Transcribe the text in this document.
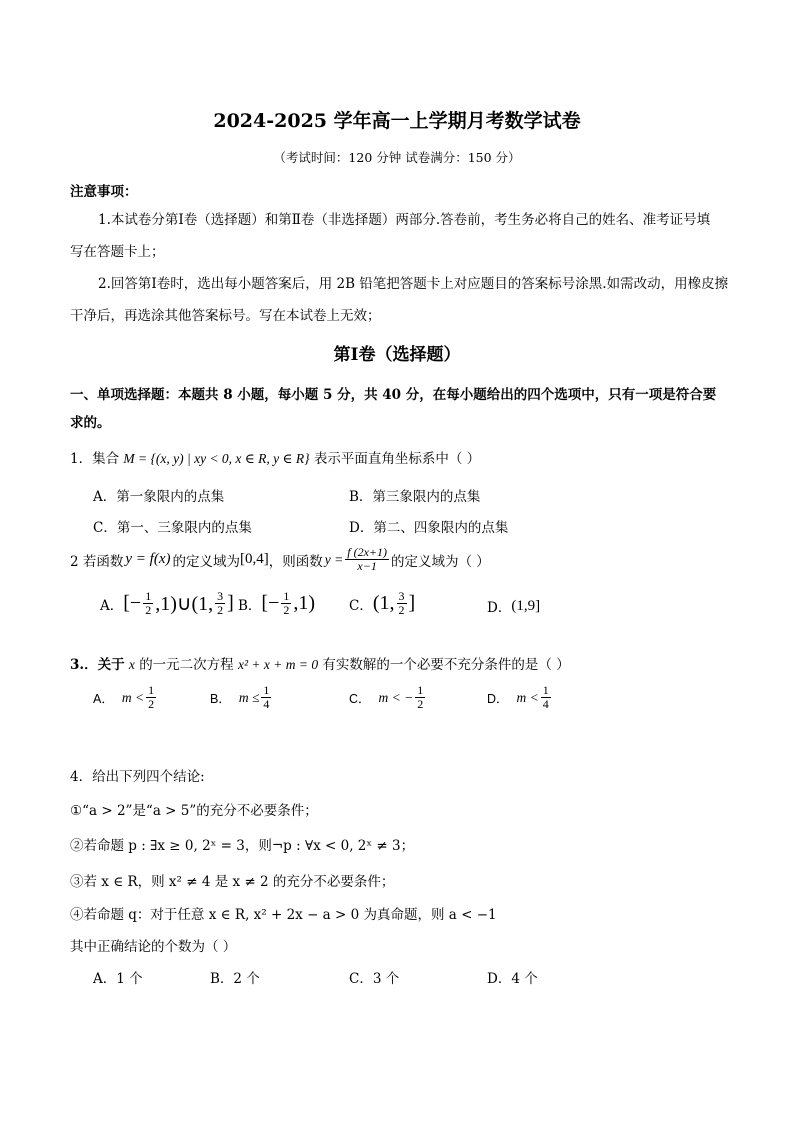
2024-2025 学年高一上学期月考数学试卷
（考试时间：120 分钟 试卷满分：150 分）
注意事项：
1.本试卷分第Ⅰ卷（选择题）和第Ⅱ卷（非选择题）两部分.答卷前，考生务必将自己的姓名、准考证号填
写在答题卡上；
2.回答第Ⅰ卷时，选出每小题答案后，用 2B 铅笔把答题卡上对应题目的答案标号涂黑.如需改动，用橡皮擦
干净后，再选涂其他答案标号。写在本试卷上无效；
第Ⅰ卷（选择题）
一、单项选择题：本题共 8 小题，每小题 5 分，共 40 分，在每小题给出的四个选项中，只有一项是符合要
求的。
1．集合 M = {(x, y) | xy < 0, x ∈ R, y ∈ R} 表示平面直角坐标系中（ ）
A．第一象限内的点集	B．第三象限内的点集
C．第一、三象限内的点集	D．第二、四象限内的点集
2 若函数 y = f(x) 的定义域为 [0,4] ，则函数 $y = \frac{f (2x+1)}{x-1}$ 的定义域为（ ）
A． [− $\frac{1}{2}$ ,1)∪(1, $\frac{3}{2}$ ] B． [− $\frac{1}{2} ,1$)	C． (1, $\frac{3}{2}$ ]	D． (1,9]
3.．关于 x 的一元二次方程 x² + x + m = 0 有实数解的一个必要不充分条件的是（ ）
A． $m < \frac{1}{2}$	B． $m \le \frac{1}{4}$	C． m < − $\frac{1}{2}$	D． $m < \frac{1}{4}$
4．给出下列四个结论:
①“a > 2”是“a > 5”的充分不必要条件；
②若命题 p : ∃x ≥ 0, 2ˣ = 3，则¬p : ∀x < 0, 2ˣ ≠ 3；
③若 x ∈ R，则 x² ≠ 4 是 x ≠ 2 的充分不必要条件；
④若命题 q：对于任意 x ∈ R, x² + 2x − a > 0 为真命题，则 a < −1
其中正确结论的个数为（ ）
A．1 个	B．2 个	C．3 个	D．4 个
